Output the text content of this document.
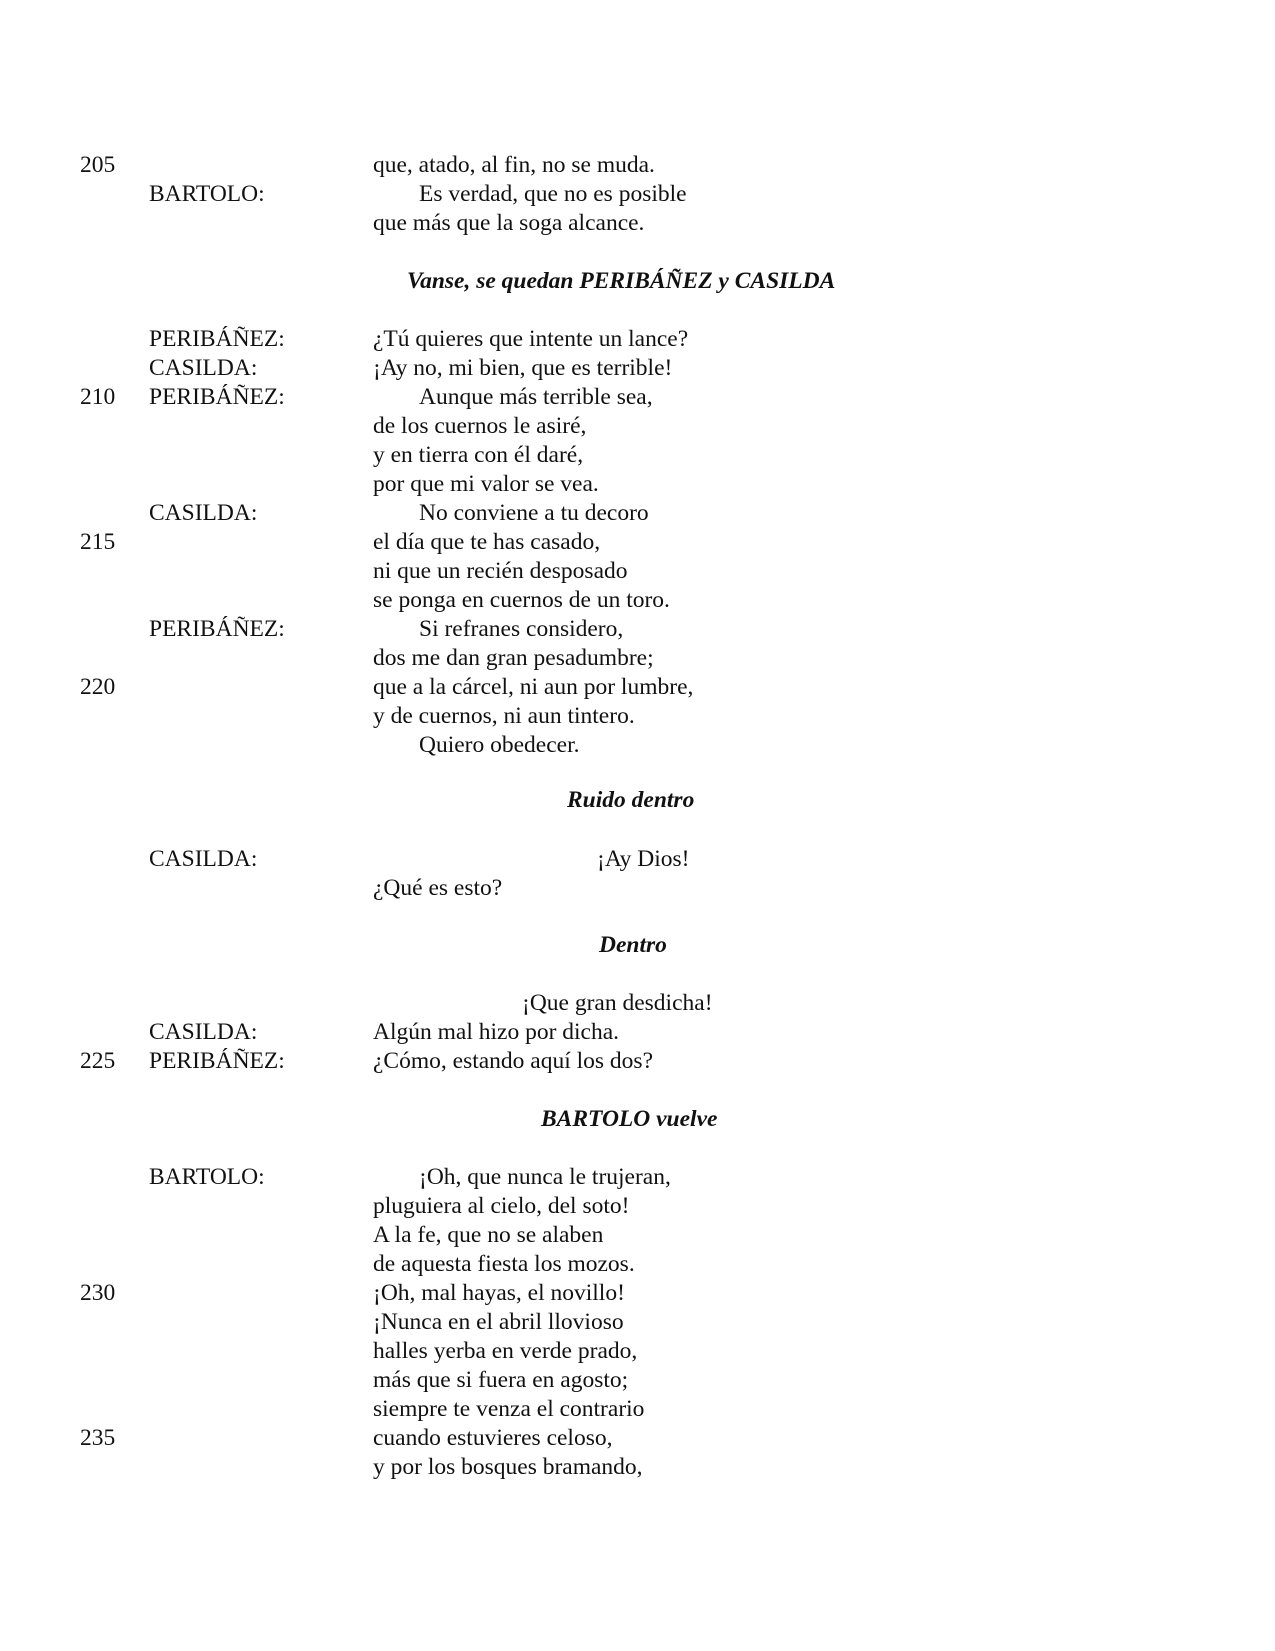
205	que, atado, al fin, no se muda.
BARTOLO:	Es verdad, que no es posible
que más que la soga alcance.
Vanse, se quedan PERIBÁÑEZ y CASILDA
PERIBÁÑEZ:	¿Tú quieres que intente un lance?
CASILDA:	¡Ay no, mi bien, que es terrible!
210 PERIBÁÑEZ:	Aunque más terrible sea,
de los cuernos le asiré,
y en tierra con él daré,
por que mi valor se vea.
CASILDA:	No conviene a tu decoro
215	el día que te has casado,
ni que un recién desposado
se ponga en cuernos de un toro.
PERIBÁÑEZ:	Si refranes considero,
dos me dan gran pesadumbre;
220	que a la cárcel, ni aun por lumbre,
y de cuernos, ni aun tintero.
Quiero obedecer.
Ruido dentro
CASILDA:	¡Ay Dios!
¿Qué es esto?
Dentro
¡Que gran desdicha!
CASILDA:	Algún mal hizo por dicha.
225 PERIBÁÑEZ:	¿Cómo, estando aquí los dos?
BARTOLO vuelve
BARTOLO:	¡Oh, que nunca le trujeran,
pluguiera al cielo, del soto!
A la fe, que no se alaben
de aquesta fiesta los mozos.
230	¡Oh, mal hayas, el novillo!
¡Nunca en el abril llovioso
halles yerba en verde prado,
más que si fuera en agosto;
siempre te venza el contrario
235	cuando estuvieres celoso,
y por los bosques bramando,
